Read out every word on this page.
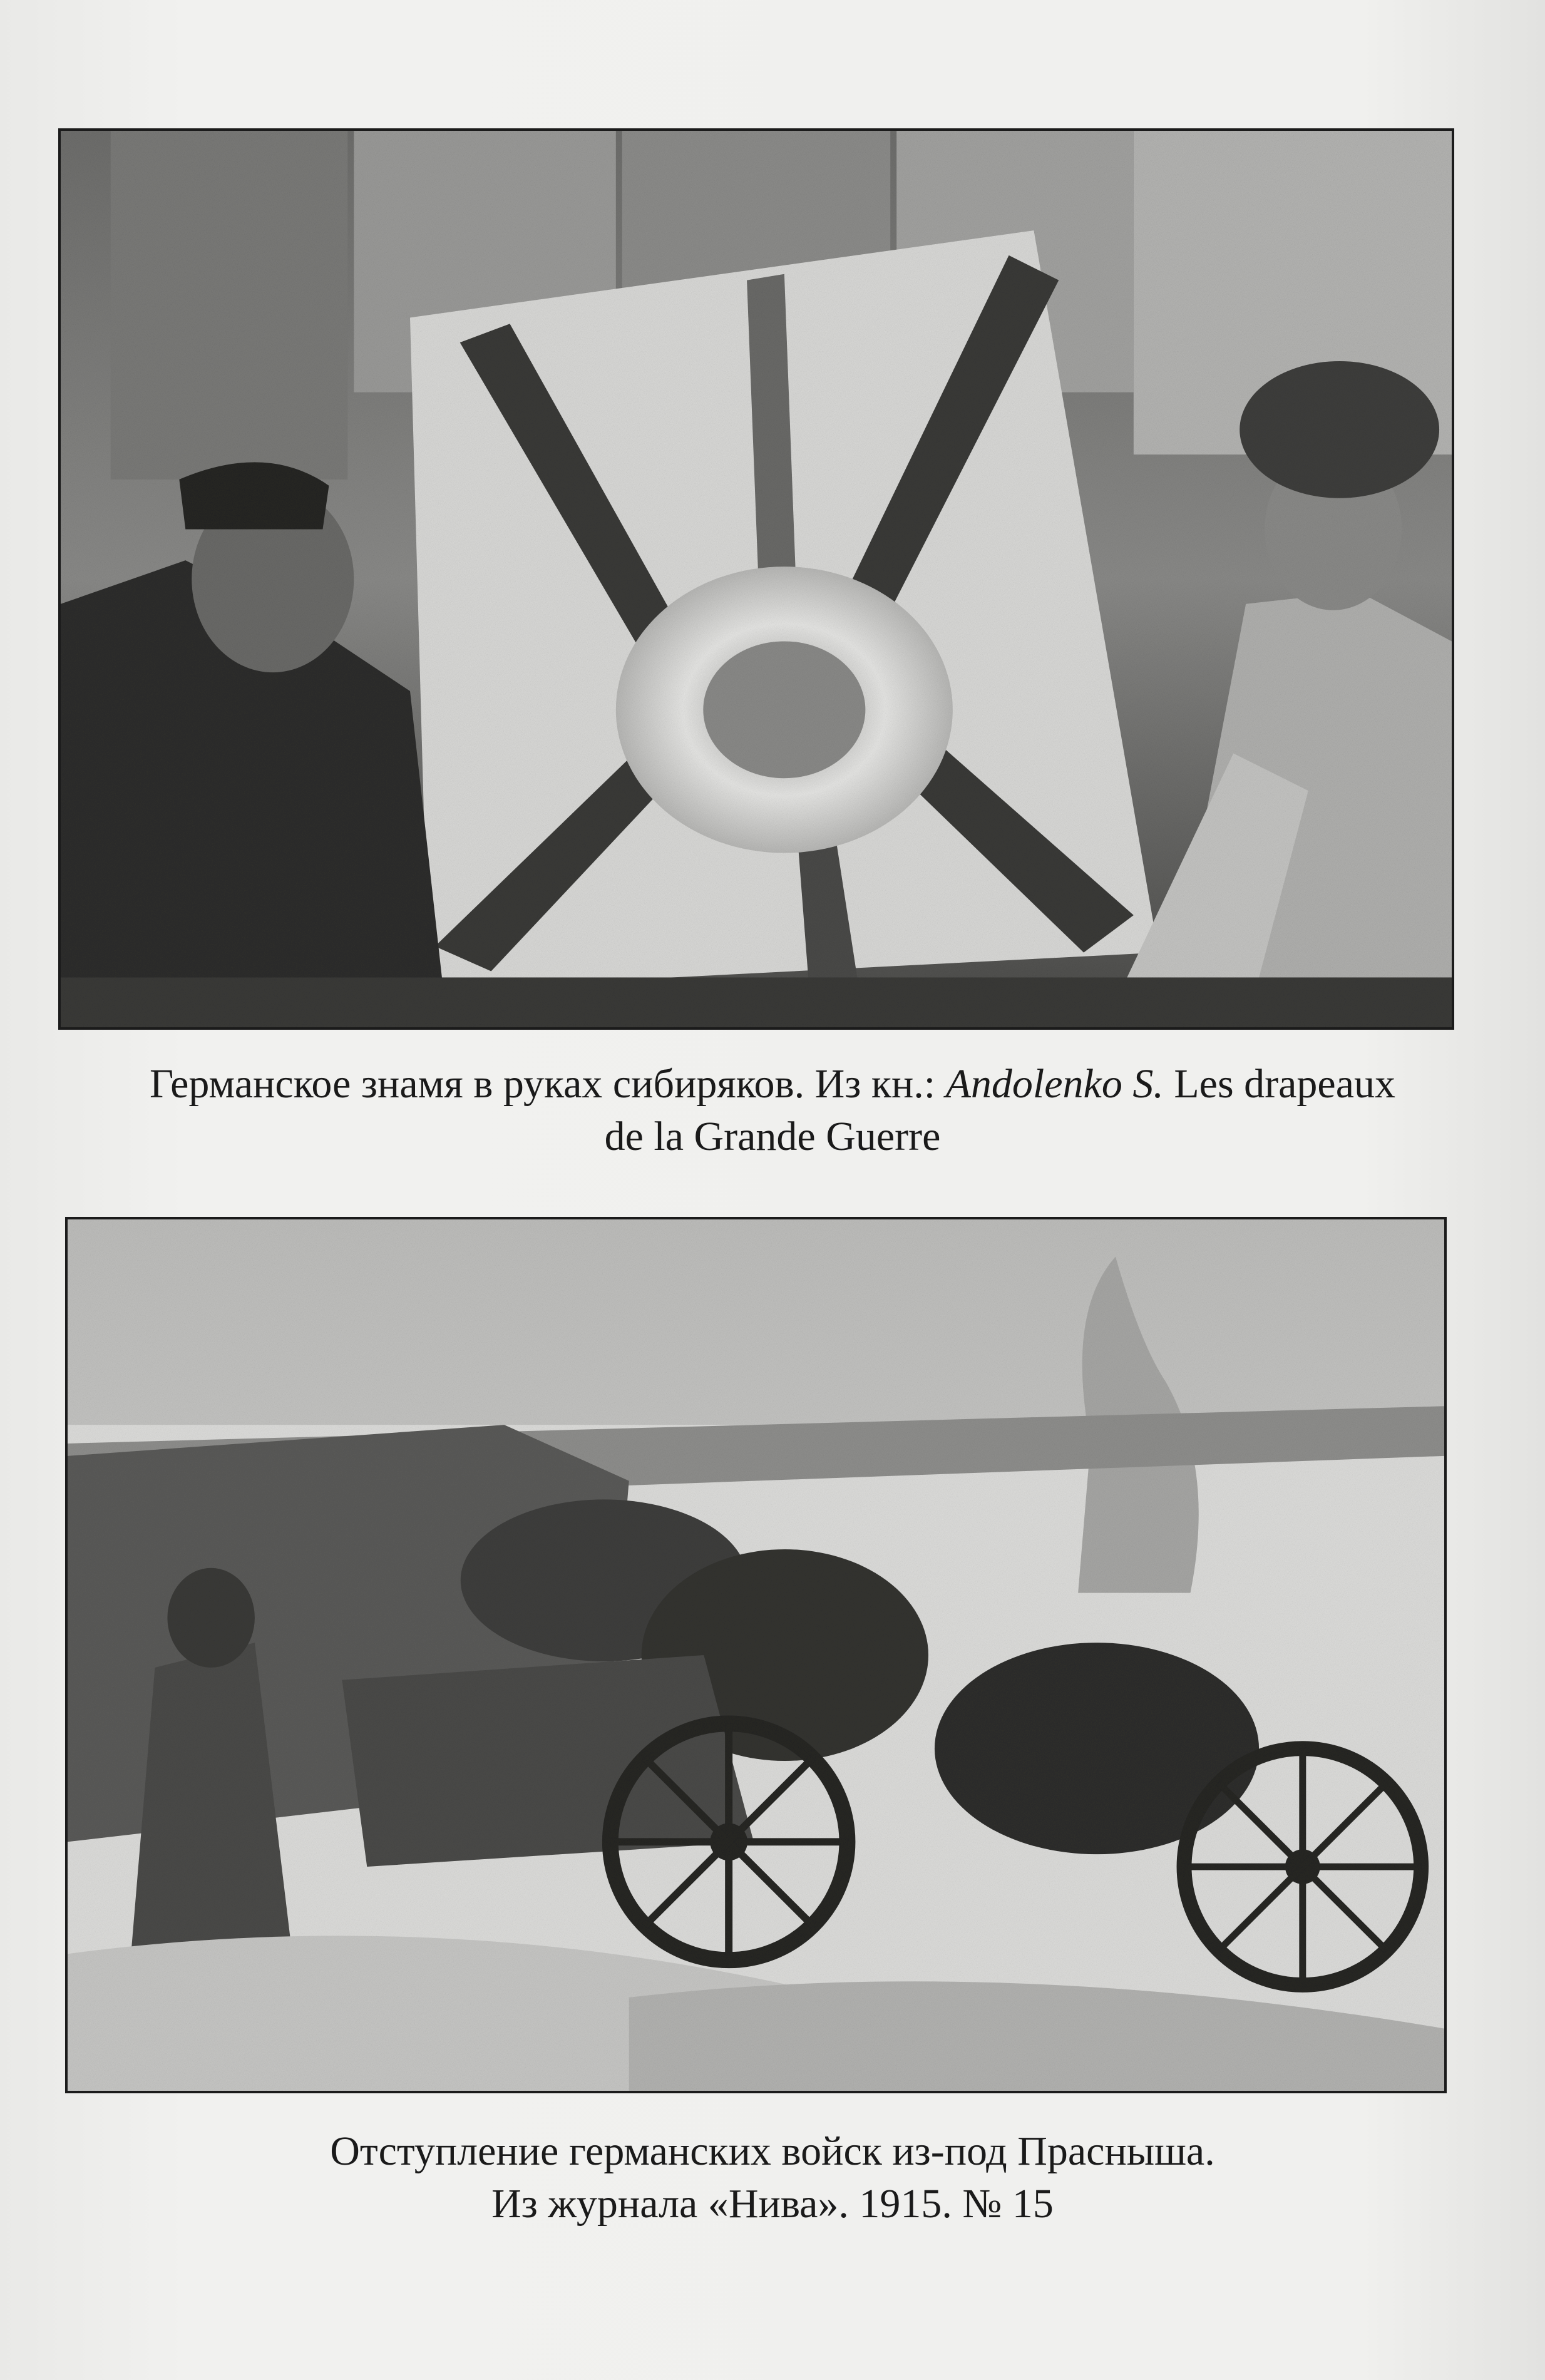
Германское знамя в руках сибиряков. Из кн.: Andolenko S. Les drapeaux
de la Grande Guerre
Отступление германских войск из-под Прасныша.
Из журнала «Нива». 1915. № 15
